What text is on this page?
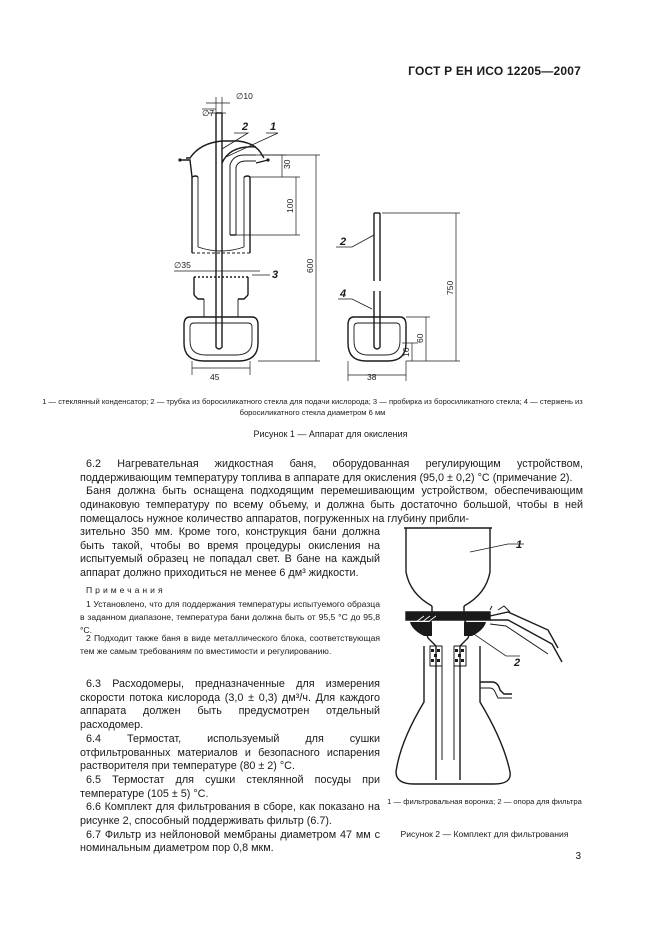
ГОСТ Р ЕН ИСО 12205—2007
∅10
∅7
∅35
45	38
30
100
600
750
60
16
2 1
3
2
4
1 — стеклянный конденсатор; 2 — трубка из боросиликатного стекла для подачи кислорода; 3 — пробирка из боросиликатного стекла; 4 — стержень из боросиликатного стекла диаметром 6 мм
Рисунок 1 — Аппарат для окисления

6.2 Нагревательная жидкостная баня, оборудованная регулирующим устройством, поддерживающим температуру топлива в аппарате для окисления (95,0 ± 0,2) °С (примечание 2).

Баня должна быть оснащена подходящим перемешивающим устройством, обеспечивающим одинаковую температуру по всему объему, и должна быть достаточно большой, чтобы в ней помещалось нужное количество аппаратов, погруженных на глубину прибли-

зительно 350 мм. Кроме того, конструкция бани должна быть такой, чтобы во время процедуры окисления на испытуемый образец не попадал свет. В бане на каждый аппарат должно приходиться не менее 6 дм³ жидкости.

Примечания

1 Установлено, что для поддержания температуры испытуемого образца в заданном диапазоне, температура бани должна быть от 95,5 °С до 95,8 °С.

2 Подходит также баня в виде металлического блока, соответствующая тем же самым требованиям по вместимости и регулированию.

6.3 Расходомеры, предназначенные для измерения скорости потока кислорода (3,0 ± 0,3) дм³/ч. Для каждого аппарата должен быть предусмотрен отдельный расходомер.

6.4 Термостат, используемый для сушки отфильтрованных материалов и безопасного испарения растворителя при температуре (80 ± 2) °С.

6.5 Термостат для сушки стеклянной посуды при температуре (105 ± 5) °С.

6.6 Комплект для фильтрования в сборе, как показано на рисунке 2, способный поддерживать фильтр (6.7).

6.7 Фильтр из нейлоновой мембраны диаметром 47 мм с номинальным диаметром пор 0,8 мкм.

1
2
1 — фильтровальная воронка; 2 — опора для фильтра
Рисунок 2 — Комплект для фильтрования
3
